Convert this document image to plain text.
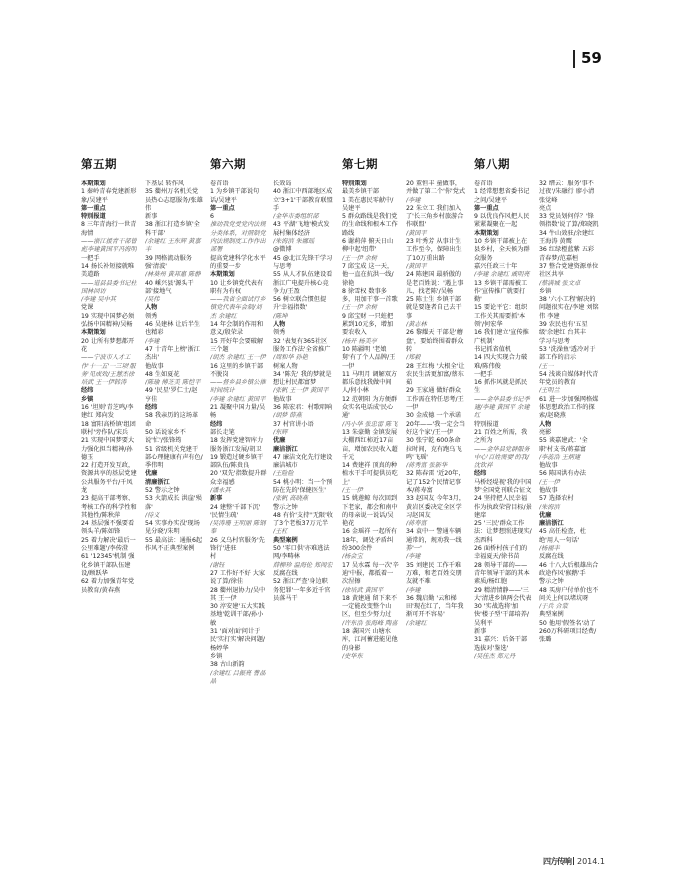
59
第五期	第六期	第七期	第八期
本期策划
1 秦岭青春党建新形象/吴建平
第一重点
特别报道
8 三年青海行一世青海情
——浙江援青干部曾彪李建黄国平冯海明
一把手
14 扬长补短接就唯美道路
——道县县委书记杜国林回访
/李建 吴中其
党课
19 实现中国梦必须弘扬中国精神/吴畅
本期策划
20 让所有梦想都开花
——宁波市人才工作'十一五'一三项'服务'见成效/王慧杰徐培武 王一伊韩涛
经纬
乡镇
16 '坦则'青芝鸣/李建红 郑向发
18 富阳高桥镇'组团联村'旁作队/宋兵
21 实现中国梦要大力强化担当精神/孙德玉
22 打造开发互政，资源共享的基层党建公共服务平台/千凤龙
23 提高干部考察、考核工作的科学性和其他性/陈秋萍
24 基层强不强要看领头羊/陈如锋
25 着力解决'最后一公里难题'/李传澄
61 '12345'机制 强化乡镇干部队伍建设/顾跃华
62 着力加强青年党员教育/黄春燕
下基层 转作风
35 衢州万名机关党员热心志愿服务/张雄伟
新事
38 浙江打造乡镇'全科干部'
/余建红 王东辉 黄嘉丰
39 网格流动服务强'清波'
/林葵州 黄邦惠 陈静
40 嵊兴县'源头干部'接地气
/吴伟
人物
领秀
46 吴建林 让后半生也精彩
/李建
47 十青年上榜'浙江杰出'
他故事
48 生如夏花
/陈瑜 傅芝美 陈恺平
49 '民星'罗仁士/赵亨佳
经纬
58 我亲历的这场革命
50 话说家乡不说'忙'/张锋筠
51 省级机关党建干部心理健康有声有色/季伟明
优廉
清廉浙江
52 警示之钟
53 火箭成长 洪崖'殒落'
/待义
54 实事办实没'现场见分晓'/朱明
55 最高法：通报6起作风不正典型案例
卷首语
1 为乡镇干部说句话/吴建平
第一重点
6
推动我党受党内法规分类体系，对照制党内法规制度工作作出部署
提高党建科学化水平的重要一步
本期策划
10 让乡镇党代表有职有为有权
——我省全面试行乡镇党代表年会制/刘杰 余建红
14 年会制的作用和意义/殷荣录
15 开好年会要破解三个题
/胡杰 余建红 王一伊
16 这里的乡镇干部不脱岗
——督乡县乡镇公推时间统计
/李建 余建红 黄国平
21 凝聚中国力量/吴畅
经纬
部长走笔
18 发挥党建智库力 服务浙江发展/胡卫
19 锻造过硬乡镇干部队伍/陈贵良
20 '双先'指数提升群众幸福感
/潘永其
新事
24 建整'千部下沉'
'民情生疏'
/吴涛珊 王明丽 陈钢奉
26 义乌村官服务'先锋行'进驻
村
/谢钰
27 工作好不好 大家说了算/徐佳
28 衢州退协力/吴中其 王一伊
30 淳安建'五大实践基地'乾训干部/孙小敏
31 '面对面'问计于民'实打实'解决问题/杨婷华
乡镇
38 古山新韵
/余建红 吕振亮 曹晶晶
长效岛
40 浙江中西部地区成立'3+1'干部教育联盟手
/金华市委组织部
43 平湖'飞地'模式发展村集体经济
/朱海滨 朱娜瑶
@微博
45 @北江先锋干学习与思考
55 从人才队伍建设看浙江广电提升核心竞争力/王盈
56 树立联合惯但提升'幸福指数'
/陈坤
人物
领秀
32 '表复有365社区服务工作法'全省推广
/周和华 孙艳
树案人物
34 '陈先' 我的梦就是想让村民都富梦
/张帆 王一伊 黄国平
他故事
36 陈宏君：村歌唱响
/胡梦 薛燕
37 村官讲小语
/东辉
优廉
廉洁浙江
47 廉洁文化先行建设廉洁城市
/王险险
54 桃小明：当一个预防在先的'保健医生'
/张帆 高晓燕
警示之钟
48 有价'支持''无限'收了3个老板37万元半
/王杠
典型案例
50 '零口供'亦难逃法网/李畴林
薛柳珍 温海伦 郑闯宏
反腐在线
52 浙江严查'身边职务犯罪'一年多近千官员落马干
特别策划
最美乡镇干部
1 美在惠民零献中/吴建平
5 群众路线是我们党的生命线和根本工作路线
6 谢莉萍 俯天日山柳中起'纽带'
/王一伊 余树
7 邱宝成 这一天，他一直在抗洪一线/徐艳
8 徐雪权 数事多多，用加干事一首歌
/王一伊 余树
9 邱宝财 一只蛀把累到10元多，增加要农收入
/杨开 杨美亭
10 陈疆明 '老娘舅'有了个人品牌/王一伊
11 马明月 调解双方都乐意找我做中间人/何小林
12 范朝阳 为方便群众实名电话成'民心通'
/冯小华 张忠雷 陈飞
13 朱豪勤 金镇发展大棚西红柿近17亩亩，增加农民收入超千元
14 费建祥 顶真的种植水干手可提供员吃上'
/王一伊
15 姚莲鲸 每次回到下老家，都会和南中的母亲说一说话/吴艳花
16 金瑶祥 一起所有18年，调处矛盾纠纷300余件
/杨会宝
17 吴水霖 每一次'辛迪'中报，都抵着一次涅擦
/徐培武 黄国平
18 黄建通 留下来不一定能改变整个山区，但至少努力过
/许东浩 张海峰 陶喜
18 袭国兴 山塘水库，江河蓄进能见他的身影
/史华东
20 董恒丰 童做事，并做了第二个'你'党式
/李建
22 朱立工 我们加入了'长三角乡村旅游合作联盟'
/黄国平
23 叶秀芳 从事计生工作至今，保障出生了10万重出路
/黄国平
24 陈建国 最骄傲的是老百姓说：'遇上事儿，找老陈'/吴畅
25 陈士生 乡镇干部就是要逢者自己去干事
/黄志林
26 黎耀天 干部是'蘑盘'，要始终围着群众转
/郑毅
28 王红梅 '大根全'让农民生活更加富/蔡东茹
29 王家通 做好群众工作需在特任思考/王一伊
30 金成德 一个承诺 20年——'我一定会当好这个家'/王一伊
30 张宁乾 600条命拉时间，克有跑乌飞鸣'飞瑶'
/蒋秀富 张新华
32 陈春雷 '近20年，记了152个民情记事本/蒋寿富
33 赵国友 今年3月，黄岩区委决定全区学习赵国友
/蒋寿富
34 袁中一 警通车辆通常的，规劝我一线养'一'
/李建
35 刘建民 工作千难万难，和老百姓交朋友就不难
/李建
36 魏启勤 '云和梯田'现在红了，当年我渐可开不容易'
/余建红
卷首语
1 经常想想省委书记之问/吴建平
第一重点
9 以优良作风把人民紧紧凝聚在一起
本期策划
10 乡镇干部被上在县乡村，全天候为群众服务
嘉兴任政三十年
/李建 余建红 戚明亮
13 乡镇干部需被工作'宣传推广就要打勤'
15 要论平它：组织工作关其需要抓'本领'/何宏华
16 我们建立'宣传推广机制'
书记抓省值机
14 四大实现合力破难/陈伟俊
一把手
16 抓作风就是抓民生
——金华县委书记季建/李建 黄国平 余建红
特别报道
21 百姓之所需，我之所为
——金华县党群服务中心'百姓需要'的我/沈钦祥
经纬
马桥经堤视'我的中国梦'全国党刊联合征文
24 坚持把人民幸福作为执政荣营目标/景建庠
25 '三民'群众工作法：让梦想照进现实/杰西科
26 面桥村孩子们的幸福夏天/徐书苗
28 领导干部的——青年领导干部的其本素质/杨红胞
29 精清情静——'三大'清进乡镇两会代表
30 '实战选将'加快'楼子型'干部培养/吴利平
新事
31 嘉兴：后备干部选拔对'鉴选'
/吴佳杰 郑元丹
32 缙云：服务'事不过夜'/朱融行 廖小清 张觉峰
亮点
33 党员划何俘？'锋领指数'说了算/郑晓凯
34 牛山效驻/余建红 王海涛 黄鹰
36 红绿橙蓝紫 五彩青春梦/范嘉桓
37 整合党建资源单位社区共享
/蔡满城 张文卓
乡镇
38 '六小工程'解决的问题很实在/李建 刘铭伟 李建
39 农民也有'五星级'余建红 台其丰
学习与思考
53 '洗澡鱼'透冷对于部工作的启示
/王一
54 浅谈自媒体时代青年党员的教育
/王明兰
61 进一步加强网格媒体思想政治工作的探索/赵晓燕
人物
亮影
55 谈嘉建武：'全职'村支书/蒋嘉富
/李蕊浩 王炳建
他故事
56 陈国洪有办法
/王一伊
他故事
57 选择农村
/朱海滨
优廉
廉洁浙江
45 高任检查，杜绝'用人一句话'
/杨福丰
反腐在线
46 十八大后根雄出合政途作风'猴鹅'手
警示之钟
48 买房户付单价也不问关上何以堵坑呀
/于兵 合蒙
典型案例
50 他用'假签名'动了260万科研项目经费/张璐
四方传响 2014.1
